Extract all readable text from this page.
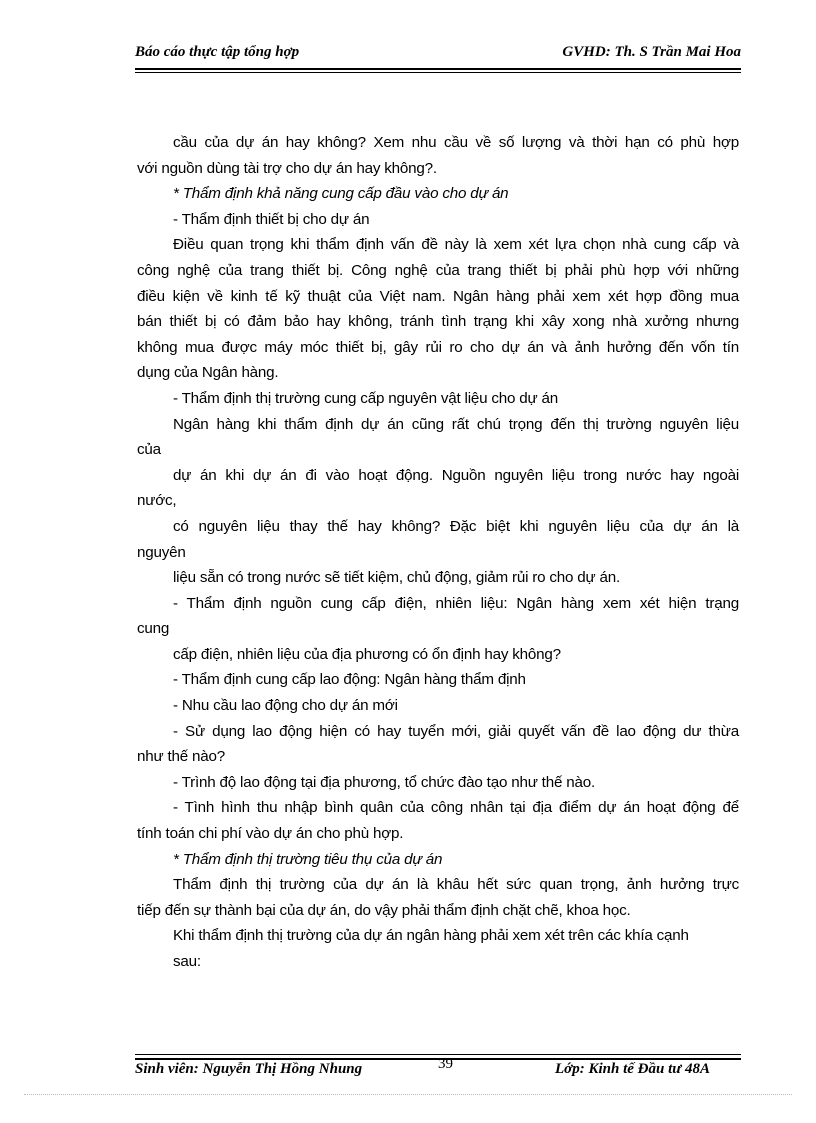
Báo cáo thực tập tổng hợp	GVHD: Th. S Trần Mai Hoa

cầu của dự án hay không? Xem nhu cầu về số lượng và thời hạn có phù hợp

với nguồn dùng tài trợ cho dự án hay không?.

* Thẩm định khả năng cung cấp đầu vào cho dự án

- Thẩm định thiết bị cho dự án

Điều quan trọng khi thẩm định vấn đề này là xem xét lựa chọn nhà cung cấp và

công nghệ của trang thiết bị. Công nghệ của trang thiết bị phải phù hợp với những

điều kiện về kinh tế kỹ thuật của Việt nam. Ngân hàng phải xem xét hợp đồng mua

bán thiết bị có đảm bảo hay không, tránh tình trạng khi xây xong nhà xưởng nhưng

không mua được máy móc thiết bị, gây rủi ro cho dự án và ảnh hưởng đến vốn tín

dụng của Ngân hàng.

- Thẩm định thị trường cung cấp nguyên vật liệu cho dự án

Ngân hàng khi thẩm định dự án cũng rất chú trọng đến thị trường nguyên liệu

của

dự án khi dự án đi vào hoạt động. Nguồn nguyên liệu trong nước hay ngoài

nước,

có nguyên liệu thay thế hay không? Đặc biệt khi nguyên liệu của dự án là

nguyên

liệu sẵn có trong nước sẽ tiết kiệm, chủ động, giảm rủi ro cho dự án.

- Thẩm định nguồn cung cấp điện, nhiên liệu: Ngân hàng xem xét hiện trạng

cung

cấp điện, nhiên liệu của địa phương có ổn định hay không?

- Thẩm định cung cấp lao động: Ngân hàng thẩm định

- Nhu cầu lao động cho dự án mới

- Sử dụng lao động hiện có hay tuyển mới, giải quyết vấn đề lao động dư thừa

như thế nào?

- Trình độ lao động tại địa phương, tổ chức đào tạo như thế nào.

- Tình hình thu nhập bình quân của công nhân tại địa điểm dự án hoạt động để

tính toán chi phí vào dự án cho phù hợp.

* Thẩm định thị trường tiêu thụ của dự án

Thẩm định thị trường của dự án là khâu hết sức quan trọng, ảnh hưởng trực

tiếp đến sự thành bại của dự án, do vậy phải thẩm định chặt chẽ, khoa học.

Khi thẩm định thị trường của dự án ngân hàng phải xem xét trên các khía cạnh

sau:

Sinh viên: Nguyễn Thị Hồng Nhung	39	Lớp: Kinh tế Đầu tư 48A
